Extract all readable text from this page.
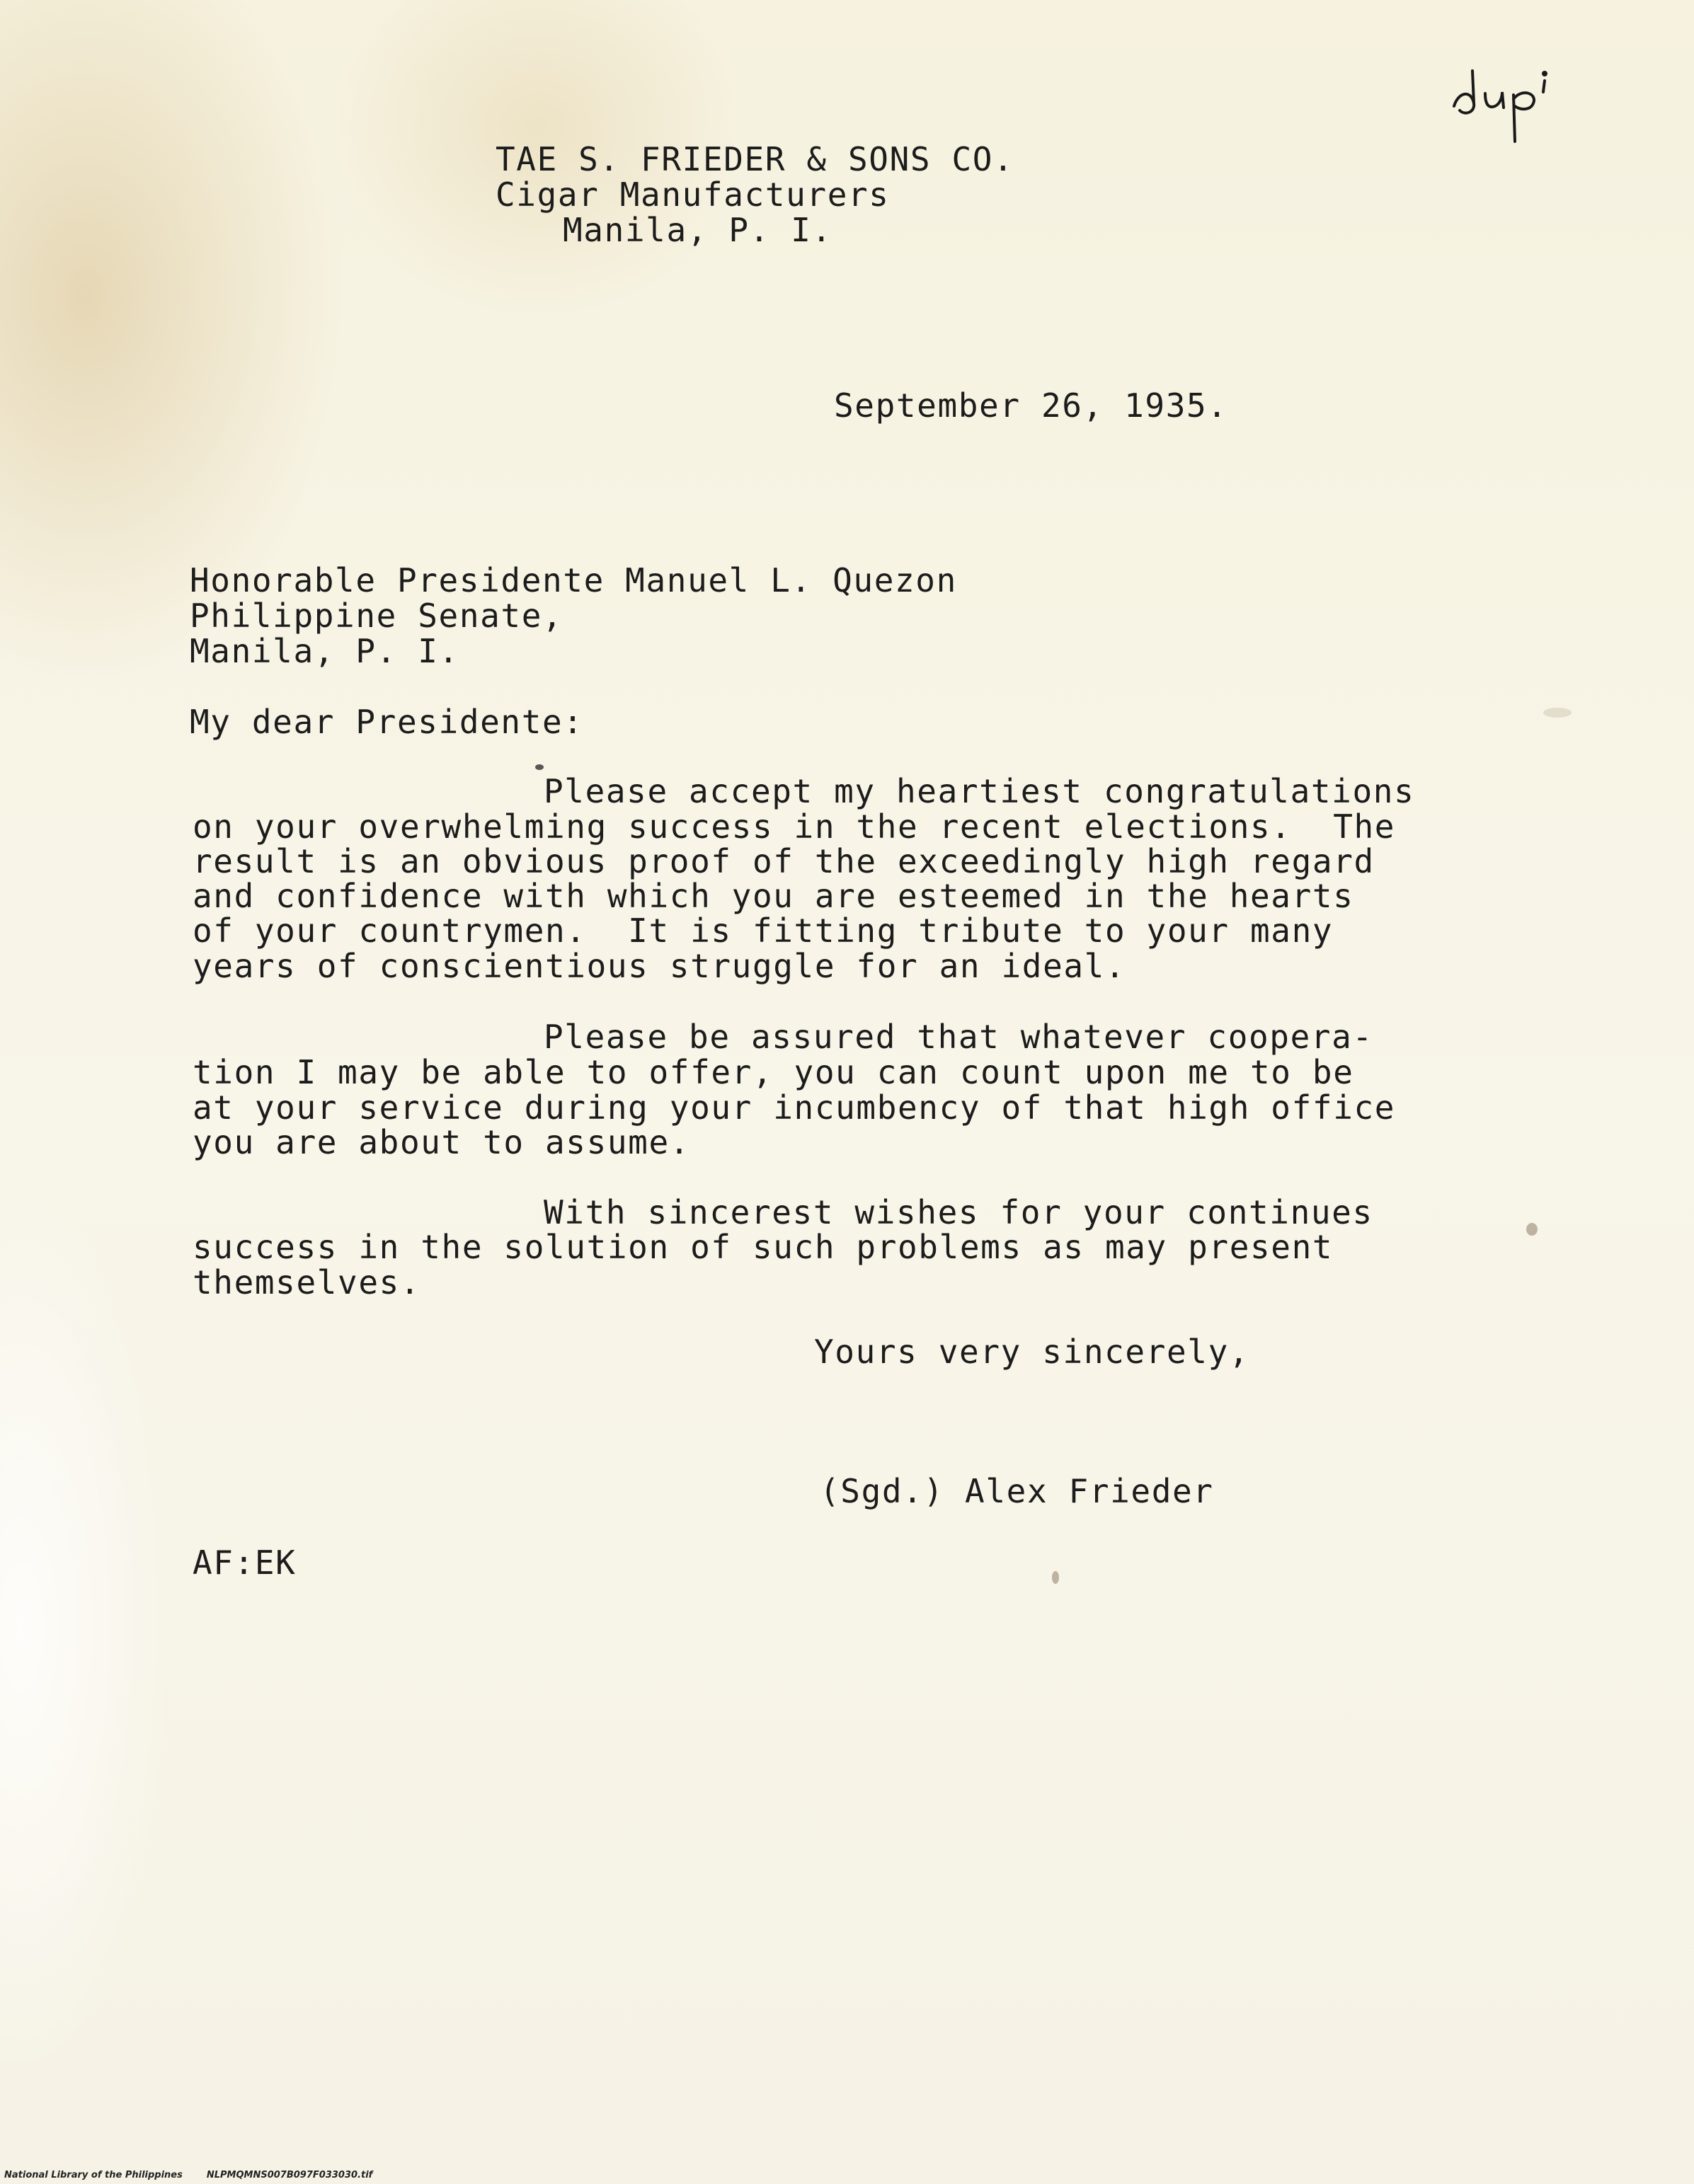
TAE S. FRIEDER & SONS CO.
Cigar Manufacturers
Manila, P. I.
September 26, 1935.
Honorable Presidente Manuel L. Quezon
Philippine Senate,
Manila, P. I.
My dear Presidente:
Please accept my heartiest congratulations
on your overwhelming success in the recent elections.  The
result is an obvious proof of the exceedingly high regard
and confidence with which you are esteemed in the hearts
of your countrymen.  It is fitting tribute to your many
years of conscientious struggle for an ideal.
Please be assured that whatever coopera-
tion I may be able to offer, you can count upon me to be
at your service during your incumbency of that high office
you are about to assume.
With sincerest wishes for your continues
success in the solution of such problems as may present
themselves.
Yours very sincerely,
(Sgd.) Alex Frieder
AF:EK
National Library of the Philippines	NLPMQMNS007B097F033030.tif
